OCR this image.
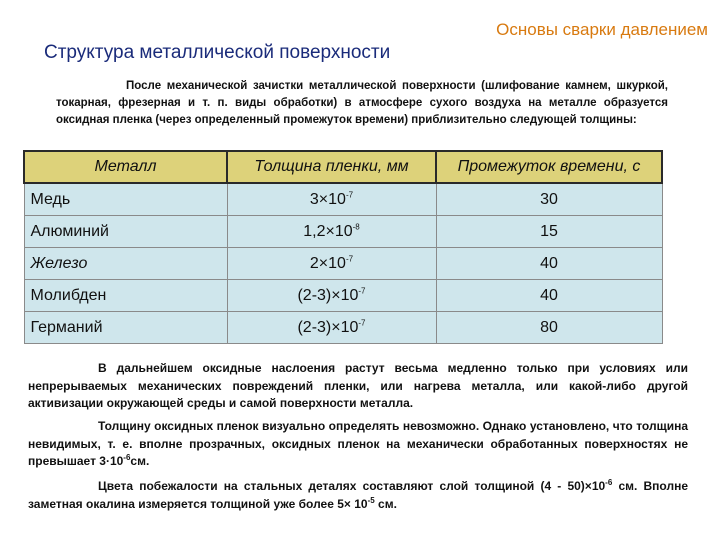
Основы сварки давлением
Структура металлической поверхности

После механической зачистки металлической поверхности (шлифование камнем, шкуркой, токарная, фрезерная и т. п. виды обработки) в атмосфере сухого воздуха на металле образуется оксидная пленка (через определенный промежуток времени) приблизительно следующей толщины:

Металл	Толщина пленки, мм	Промежуток времени, с
Медь	$3\times 10^{-7}$	30
Алюминий	$1,2\times 10^{-8}$	15
Железо	$2\times 10^{-7}$	40
Молибден	$(2-3)\times 10^{-7}$	40
Германий	$(2-3)\times 10^{-7}$	80

В дальнейшем оксидные наслоения растут весьма медленно только при условиях или непрерываемых механических повреждений пленки, или нагрева металла, или какой-либо другой активизации окружающей среды и самой поверхности металла.

Толщину оксидных пленок визуально определять невозможно. Однако установлено, что толщина невидимых, т. е. вполне прозрачных, оксидных пленок на механически обработанных поверхностях не превышает $3\cdot 10^{-6}см$.

Цвета побежалости на стальных деталях составляют слой толщиной $(4 - 50)\times 10^{-6}$ см. Вполне заметная окалина измеряется толщиной уже более $5\times 10^{-5}$ см.
